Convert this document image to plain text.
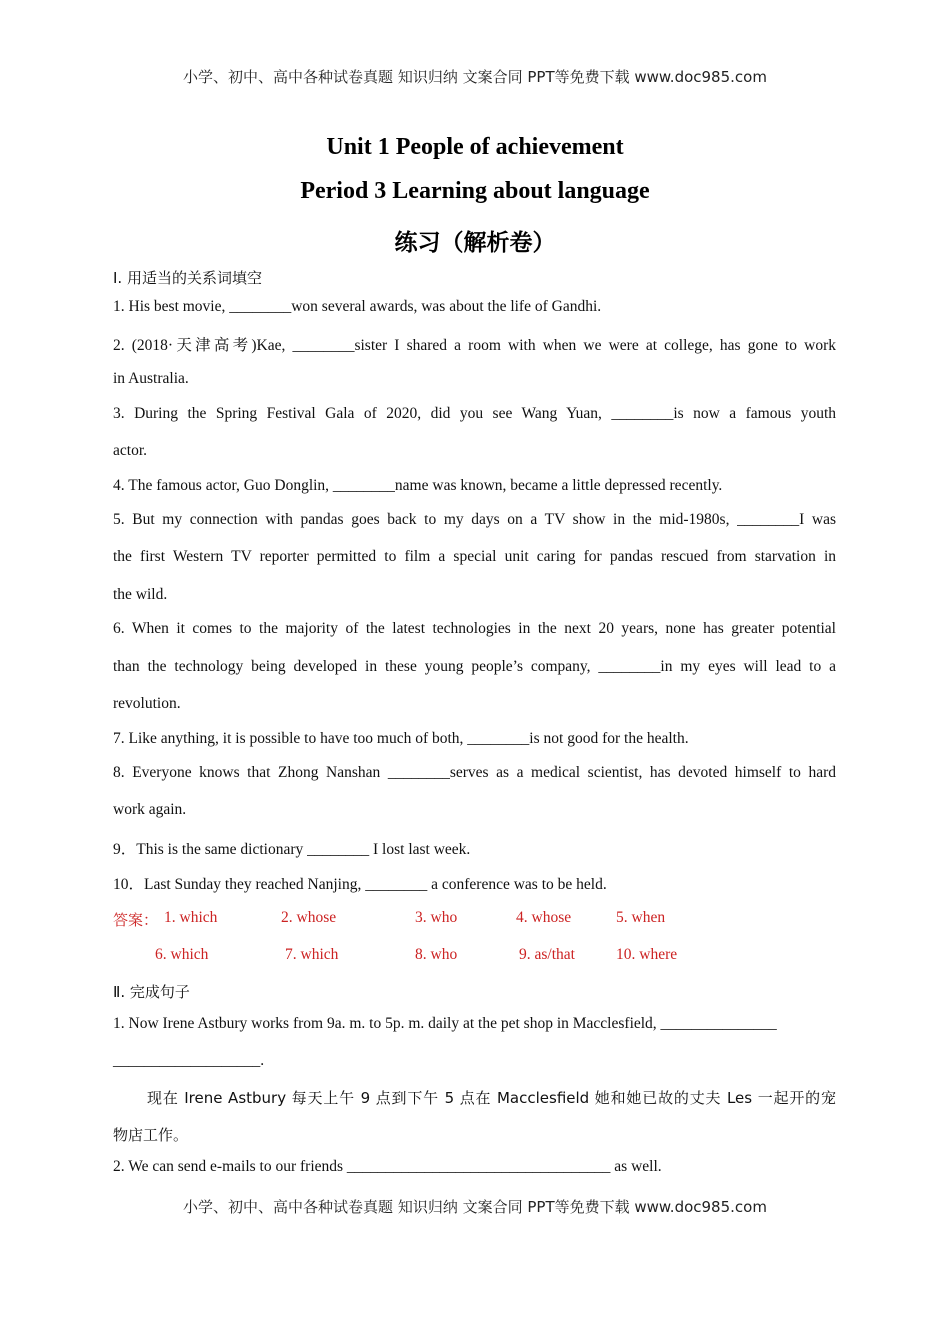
小学、初中、高中各种试卷真题 知识归纳 文案合同 PPT等免费下载 www.doc985.com
Unit 1 People of achievement
Period 3 Learning about language
练习（解析卷）
Ⅰ. 用适当的关系词填空
1. His best movie, ________won several awards, was about the life of Gandhi.
2. (2018·天津高考)Kae, ________sister I shared a room with when we were at college, has gone to work
in Australia.
3. During the Spring Festival Gala of 2020, did you see Wang Yuan, ________is now a famous youth
actor.
4. The famous actor, Guo Donglin, ________name was known, became a little depressed recently.
5. But my connection with pandas goes back to my days on a TV show in the mid-1980s, ________I was
the first Western TV reporter permitted to film a special unit caring for pandas rescued from starvation in
the wild.
6. When it comes to the majority of the latest technologies in the next 20 years, none has greater potential
than the technology being developed in these young people’s company, ________in my eyes will lead to a
revolution.
7. Like anything, it is possible to have too much of both, ________is not good for the health.
8. Everyone knows that Zhong Nanshan ________serves as a medical scientist, has devoted himself to hard
work again.
9．This is the same dictionary ________ I lost last week.
10．Last Sunday they reached Nanjing, ________ a conference was to be held.
答案： 1. which	2. whose	3. who	4. whose	5. when
6. which	7. which	8. who	9. as/that	10. where
Ⅱ. 完成句子
1. Now Irene Astbury works from 9a. m. to 5p. m. daily at the pet shop in Macclesfield, _______________
___________________.
现在 Irene Astbury 每天上午 9 点到下午 5 点在 Macclesfield 她和她已故的丈夫 Les 一起开的宠
物店工作。
2. We can send e-mails to our friends __________________________________ as well.
小学、初中、高中各种试卷真题 知识归纳 文案合同 PPT等免费下载 www.doc985.com
